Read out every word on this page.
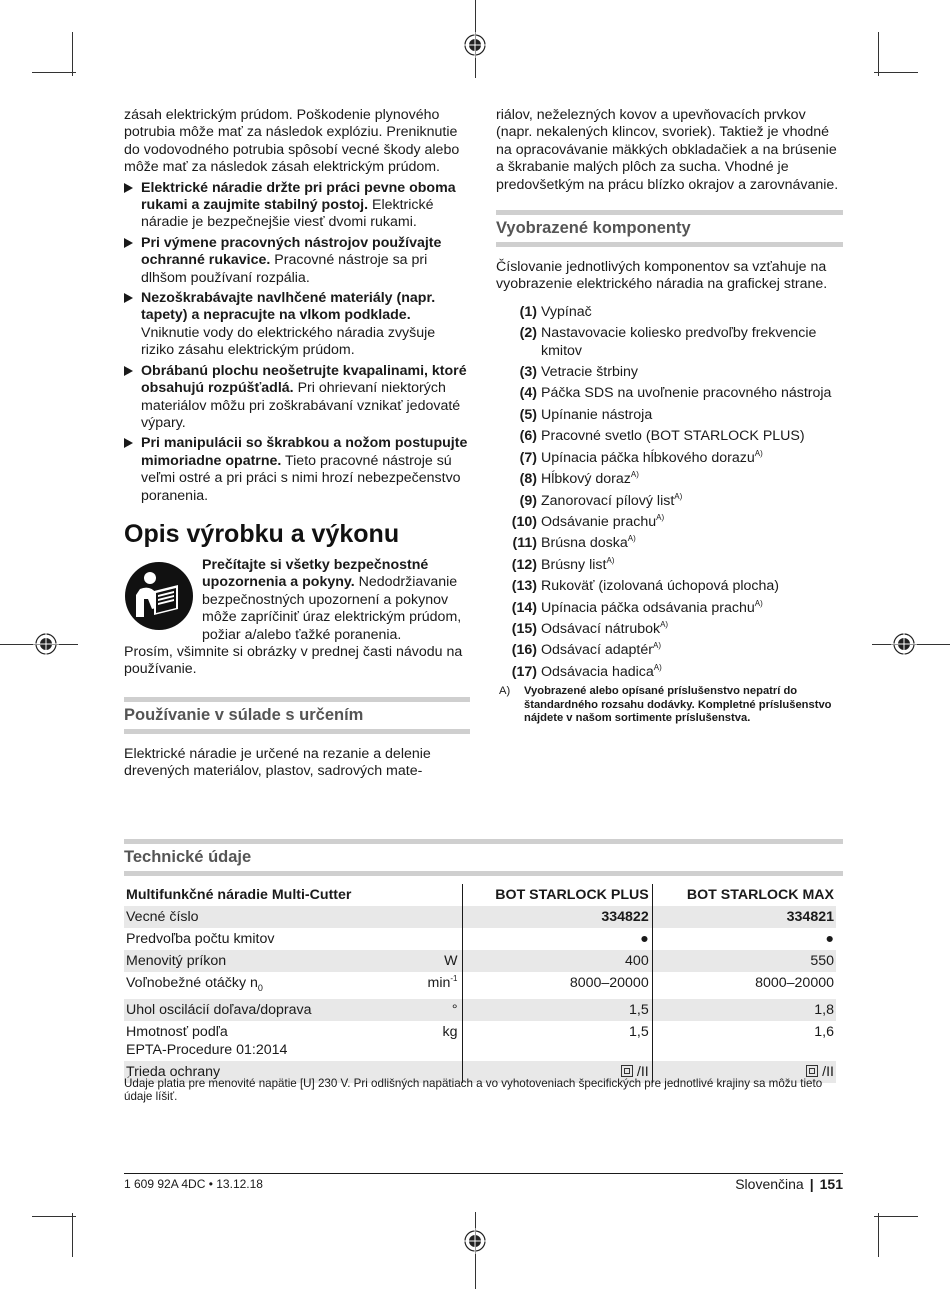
zásah elektrickým prúdom. Poškodenie plynového potrubia môže mať za následok explóziu. Preniknutie do vodovodného potrubia spôsobí vecné škody alebo môže mať za následok zásah elektrickým prúdom.

Elektrické náradie držte pri práci pevne oboma rukami a zaujmite stabilný postoj. Elektrické náradie je bezpečnejšie viesť dvomi rukami.
Pri výmene pracovných nástrojov používajte ochranné rukavice. Pracovné nástroje sa pri dlhšom používaní rozpália.
Nezoškrabávajte navlhčené materiály (napr. tapety) a nepracujte na vlkom podklade. Vniknutie vody do elektrického náradia zvyšuje riziko zásahu elektrickým prúdom.
Obrábanú plochu neošetrujte kvapalinami, ktoré obsahujú rozpúšťadlá. Pri ohrievaní niektorých materiálov môžu pri zoškrabávaní vznikať jedovaté výpary.
Pri manipulácii so škrabkou a nožom postupujte mimoriadne opatrne. Tieto pracovné nástroje sú veľmi ostré a pri práci s nimi hrozí nebezpečenstvo poranenia.
Opis výrobku a výkonu

Prečítajte si všetky bezpečnostné upozornenia a pokyny. Nedodržiavanie bezpečnostných upozornení a pokynov môže zapríčiniť úraz elektrickým prúdom, požiar a/alebo ťažké poranenia.

Prosím, všimnite si obrázky v prednej časti návodu na používanie.

Používanie v súlade s určením

Elektrické náradie je určené na rezanie a delenie drevených materiálov, plastov, sadrových mate-

riálov, neželezných kovov a upevňovacích prvkov (napr. nekalených klincov, svoriek). Taktiež je vhodné na opracovávanie mäkkých obkladačiek a na brúsenie a škrabanie malých plôch za sucha. Vhodné je predovšetkým na prácu blízko okrajov a zarovnávanie.

Vyobrazené komponenty

Číslovanie jednotlivých komponentov sa vzťahuje na vyobrazenie elektrického náradia na grafickej strane.

(1) Vypínač
(2) Nastavovacie koliesko predvoľby frekvencie kmitov
(3) Vetracie štrbiny
(4) Páčka SDS na uvoľnenie pracovného nástroja
(5) Upínanie nástroja
(6) Pracovné svetlo (BOT STARLOCK PLUS)
(7) Upínacia páčka hĺbkového dorazu$^{A)}$
(8) Hĺbkový doraz$^{A)}$
(9) Zanorovací pílový list$^{A)}$
(10) Odsávanie prachu$^{A)}$
(11) Brúsna doska$^{A)}$
(12) Brúsny list$^{A)}$
(13) Rukoväť (izolovaná úchopová plocha)
(14) Upínacia páčka odsávania prachu$^{A)}$
(15) Odsávací nátrubok$^{A)}$
(16) Odsávací adaptér$^{A)}$
(17) Odsávacia hadica$^{A)}$
A)	Vyobrazené alebo opísané príslušenstvo nepatrí do štandardného rozsahu dodávky. Kompletné príslušenstvo nájdete v našom sortimente príslušenstva.
Technické údaje
Multifunkčné náradie Multi-Cutter		BOT STARLOCK PLUS	BOT STARLOCK MAX
Vecné číslo		334822	334821
Predvoľba počtu kmitov		●	●
Menovitý príkon	W	400	550
Voľnobežné otáčky $n_0$	$\min^{-1}$	8000–20000	8000–20000
Uhol oscilácií doľava/doprava	°	1,5	1,8
Hmotnosť podľa
EPTA-Procedure 01:2014	kg	1,5	1,6
Trieda ochrany		/II	/II

Údaje platia pre menovité napätie [U] 230 V. Pri odlišných napätiach a vo vyhotoveniach špecifických pre jednotlivé krajiny sa môžu tieto údaje líšiť.

1 609 92A 4DC • 13.12.18	Slovenčina | 151
